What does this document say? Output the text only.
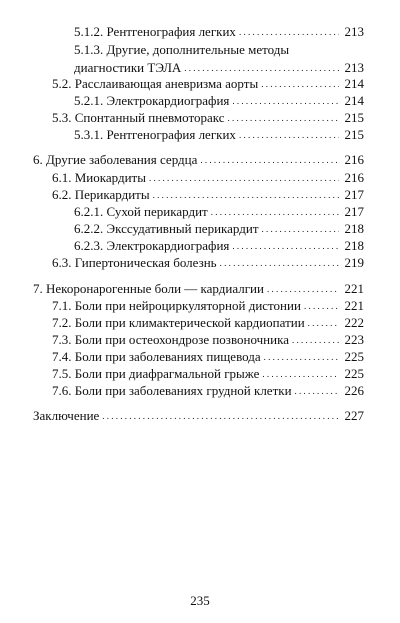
5.1.2. Рентгенография легких . . .	213
5.1.3. Другие, дополнительные методы
диагностики ТЭЛА . . .	213
5.2. Расслаивающая аневризма аорты . . .	214
5.2.1. Электрокардиография . . .	214
5.3. Спонтанный пневмоторакс . . .	215
5.3.1. Рентгенография легких . . .	215
6. Другие заболевания сердца . . .	216
6.1. Миокардиты . . .	216
6.2. Перикардиты . . .	217
6.2.1. Сухой перикардит . . .	217
6.2.2. Экссудативный перикардит . . .	218
6.2.3. Электрокардиография . . .	218
6.3. Гипертоническая болезнь . . .	219
7. Некоронарогенные боли — кардиалгии . . .	221
7.1. Боли при нейроциркуляторной дистонии . . .	221
7.2. Боли при климактерической кардиопатии . . .	222
7.3. Боли при остеохондрозе позвоночника . . .	223
7.4. Боли при заболеваниях пищевода . . .	225
7.5. Боли при диафрагмальной грыже . . .	225
7.6. Боли при заболеваниях грудной клетки . . .	226
Заключение . . .	227
235
